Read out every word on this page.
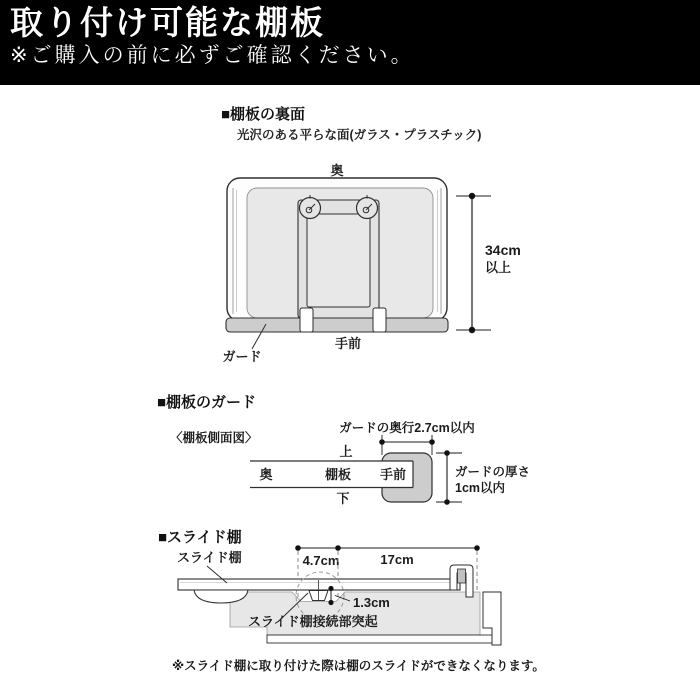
取り付け可能な棚板

※ご購入の前に必ずご確認ください。

■棚板の裏面
光沢のある平らな面(ガラス・プラスチック)
奥
34cm
以上
手前
ガード
■棚板のガード
〈棚板側面図〉
ガードの奥行2.7cm以内
上
奥	棚板 手前
下
ガードの厚さ
1cm以内
■スライド棚
4.7cm	17cm
1.3cm
スライド棚
スライド棚接続部突起
※スライド棚に取り付けた際は棚のスライドができなくなります。
